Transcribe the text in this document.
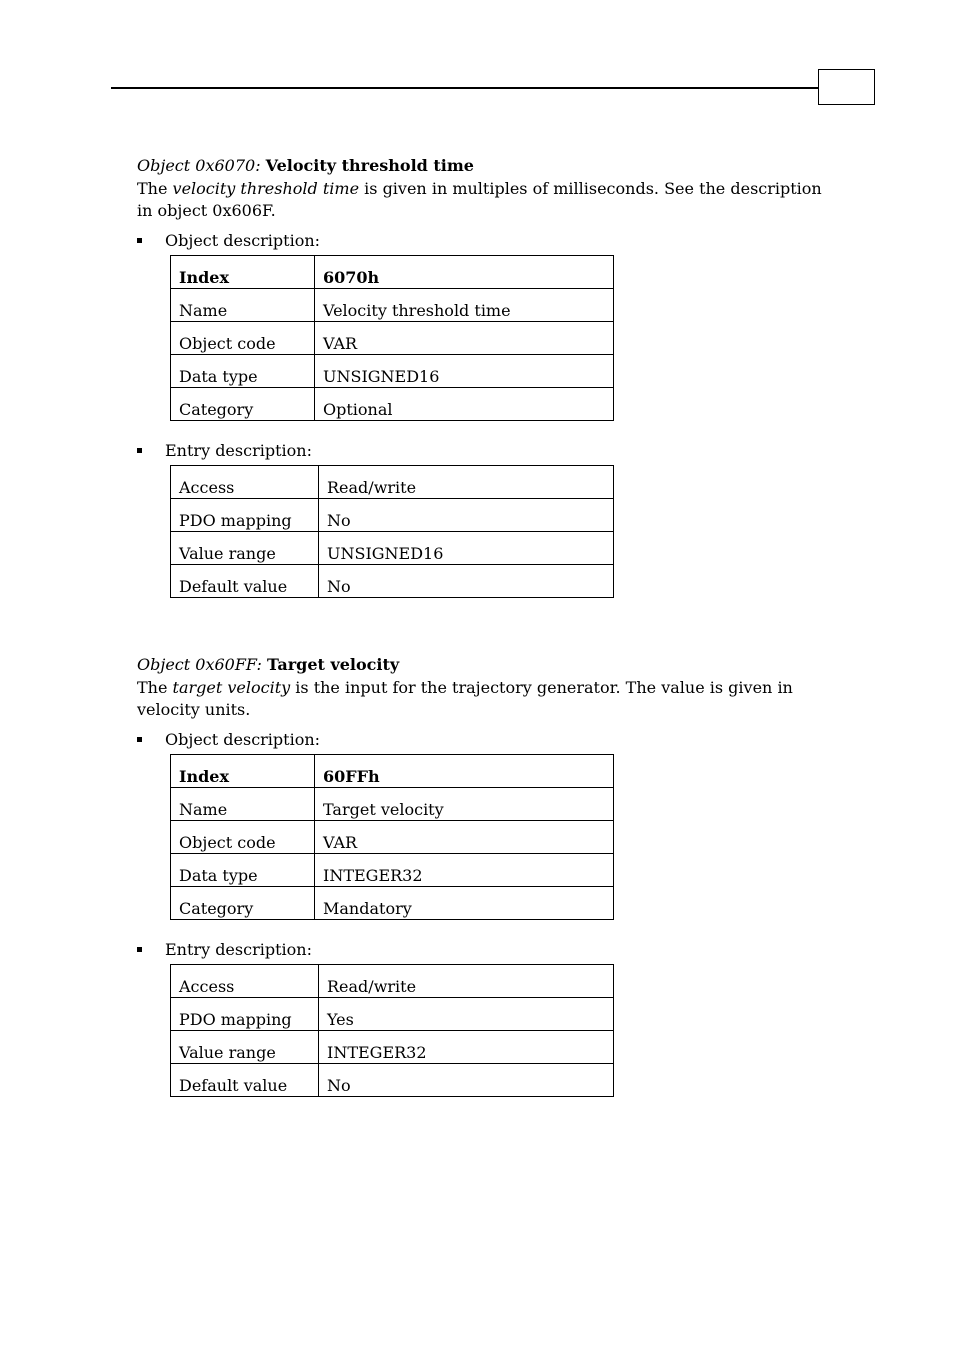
Object 0x6070: Velocity threshold time

The velocity threshold time is given in multiples of milliseconds. See the description in object 0x606F.

Object description:
Index	6070h
Name	Velocity threshold time
Object code	VAR
Data type	UNSIGNED16
Category	Optional
Entry description:
Access	Read/write
PDO mapping	No
Value range	UNSIGNED16
Default value	No

Object 0x60FF: Target velocity

The target velocity is the input for the trajectory generator. The value is given in velocity units.

Object description:
Index	60FFh
Name	Target velocity
Object code	VAR
Data type	INTEGER32
Category	Mandatory
Entry description:
Access	Read/write
PDO mapping	Yes
Value range	INTEGER32
Default value	No
